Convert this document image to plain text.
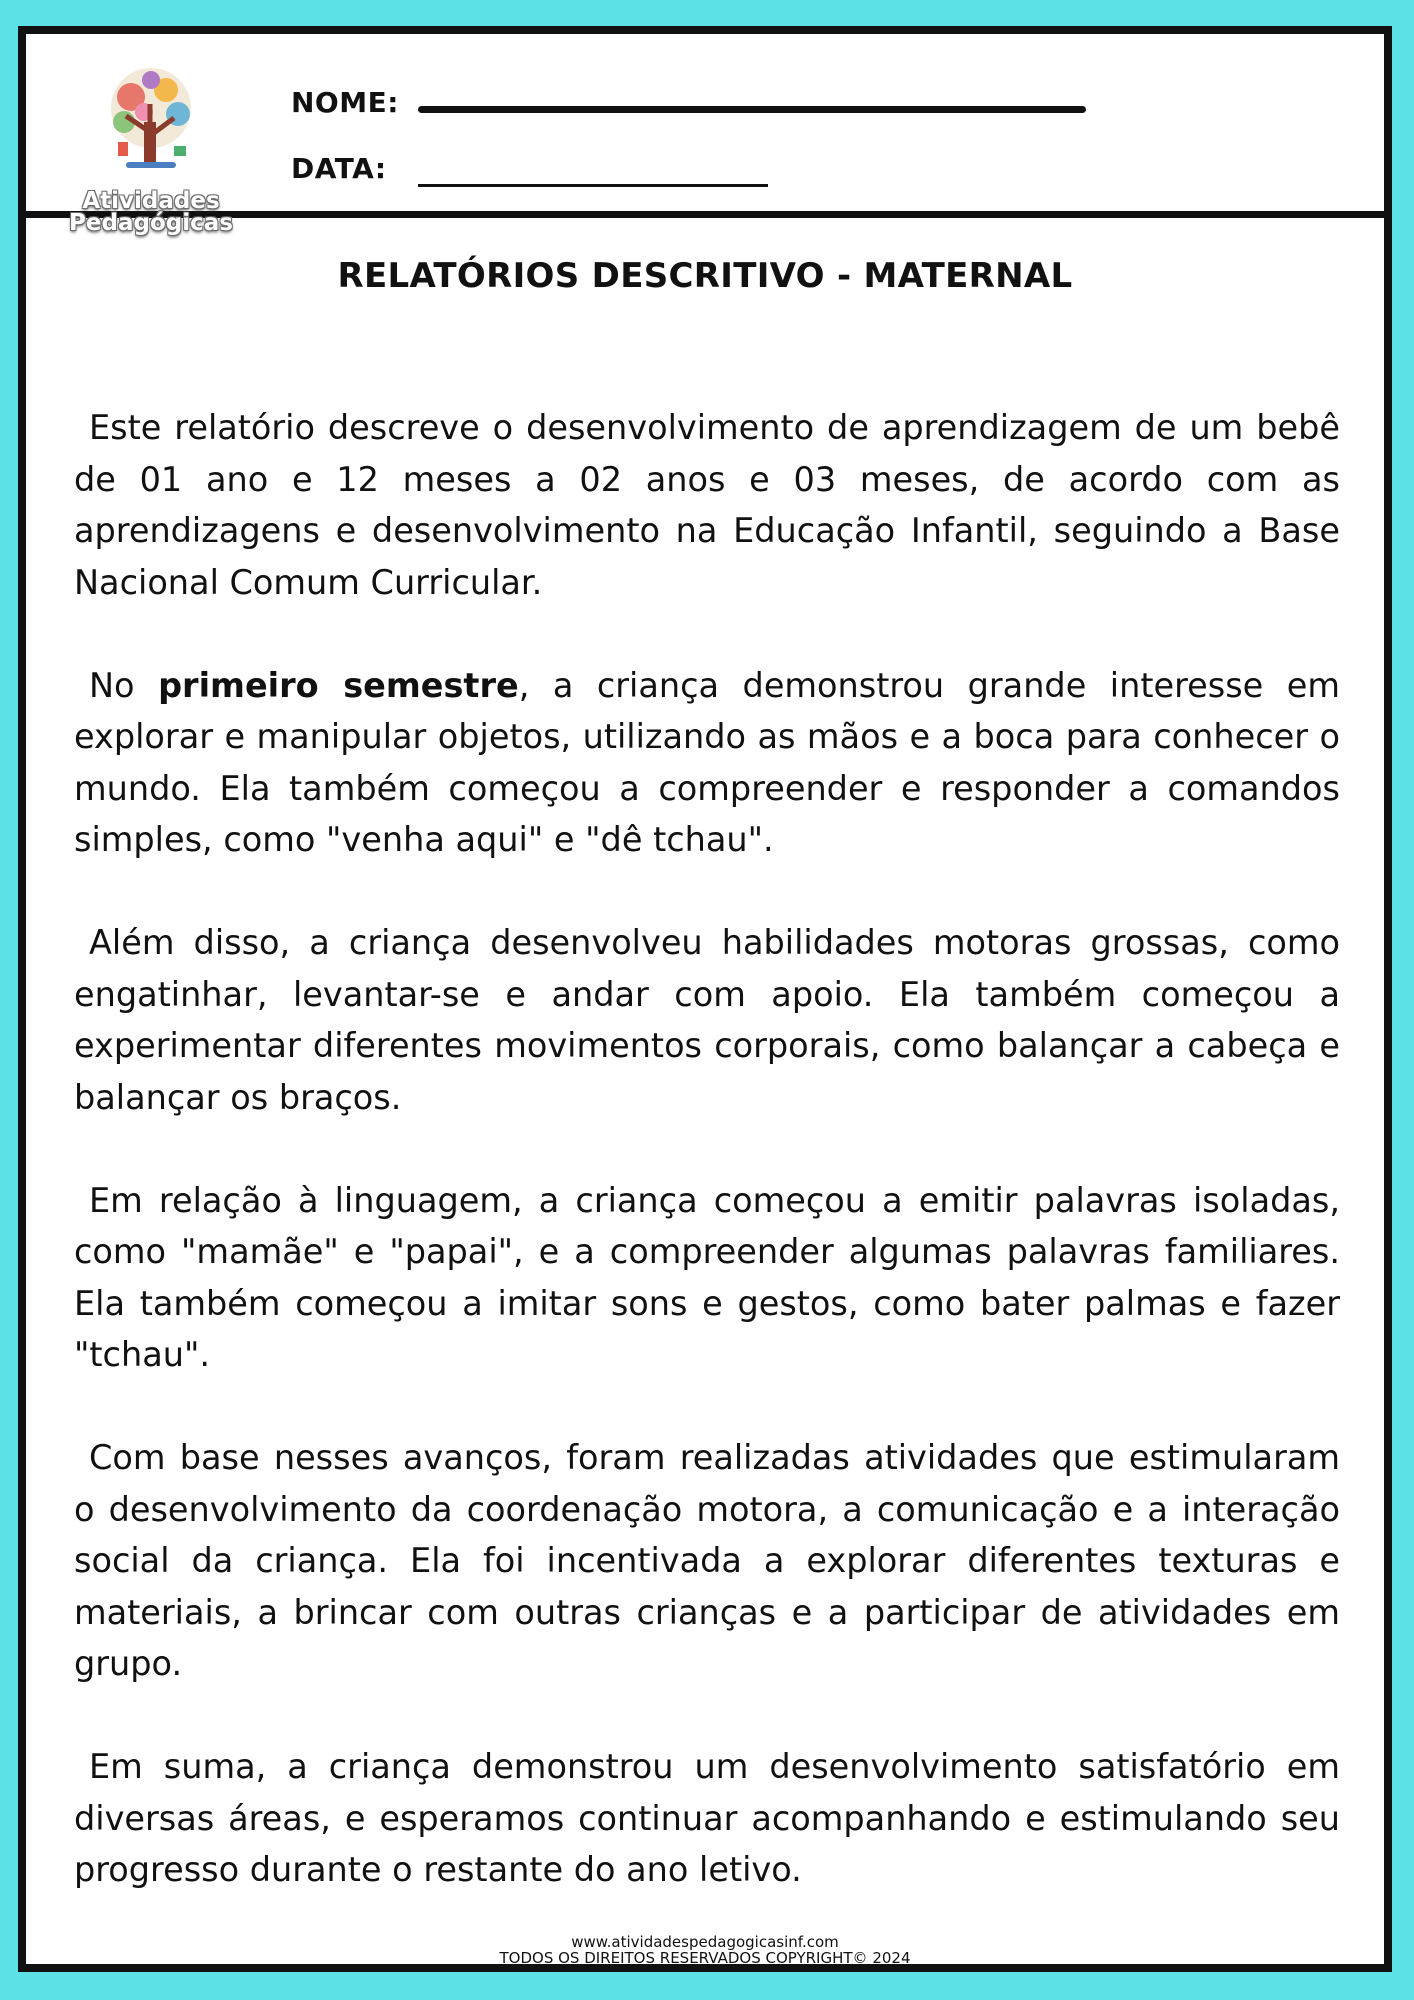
Atividades
Pedagógicas
NOME:
DATA:
RELATÓRIOS DESCRITIVO - MATERNAL

Este relatório descreve o desenvolvimento de aprendizagem de um bebê de 01 ano e 12 meses a 02 anos e 03 meses, de acordo com as aprendizagens e desenvolvimento na Educação Infantil, seguindo a Base Nacional Comum Curricular.

No primeiro semestre, a criança demonstrou grande interesse em explorar e manipular objetos, utilizando as mãos e a boca para conhecer o mundo. Ela também começou a compreender e responder a comandos simples, como "venha aqui" e "dê tchau".

Além disso, a criança desenvolveu habilidades motoras grossas, como engatinhar, levantar-se e andar com apoio. Ela também começou a experimentar diferentes movimentos corporais, como balançar a cabeça e balançar os braços.

Em relação à linguagem, a criança começou a emitir palavras isoladas, como "mamãe" e "papai", e a compreender algumas palavras familiares. Ela também começou a imitar sons e gestos, como bater palmas e fazer "tchau".

Com base nesses avanços, foram realizadas atividades que estimularam o desenvolvimento da coordenação motora, a comunicação e a interação social da criança. Ela foi incentivada a explorar diferentes texturas e materiais, a brincar com outras crianças e a participar de atividades em grupo.

Em suma, a criança demonstrou um desenvolvimento satisfatório em diversas áreas, e esperamos continuar acompanhando e estimulando seu progresso durante o restante do ano letivo.

www.atividadespedagogicasinf.com
TODOS OS DIREITOS RESERVADOS COPYRIGHT© 2024
